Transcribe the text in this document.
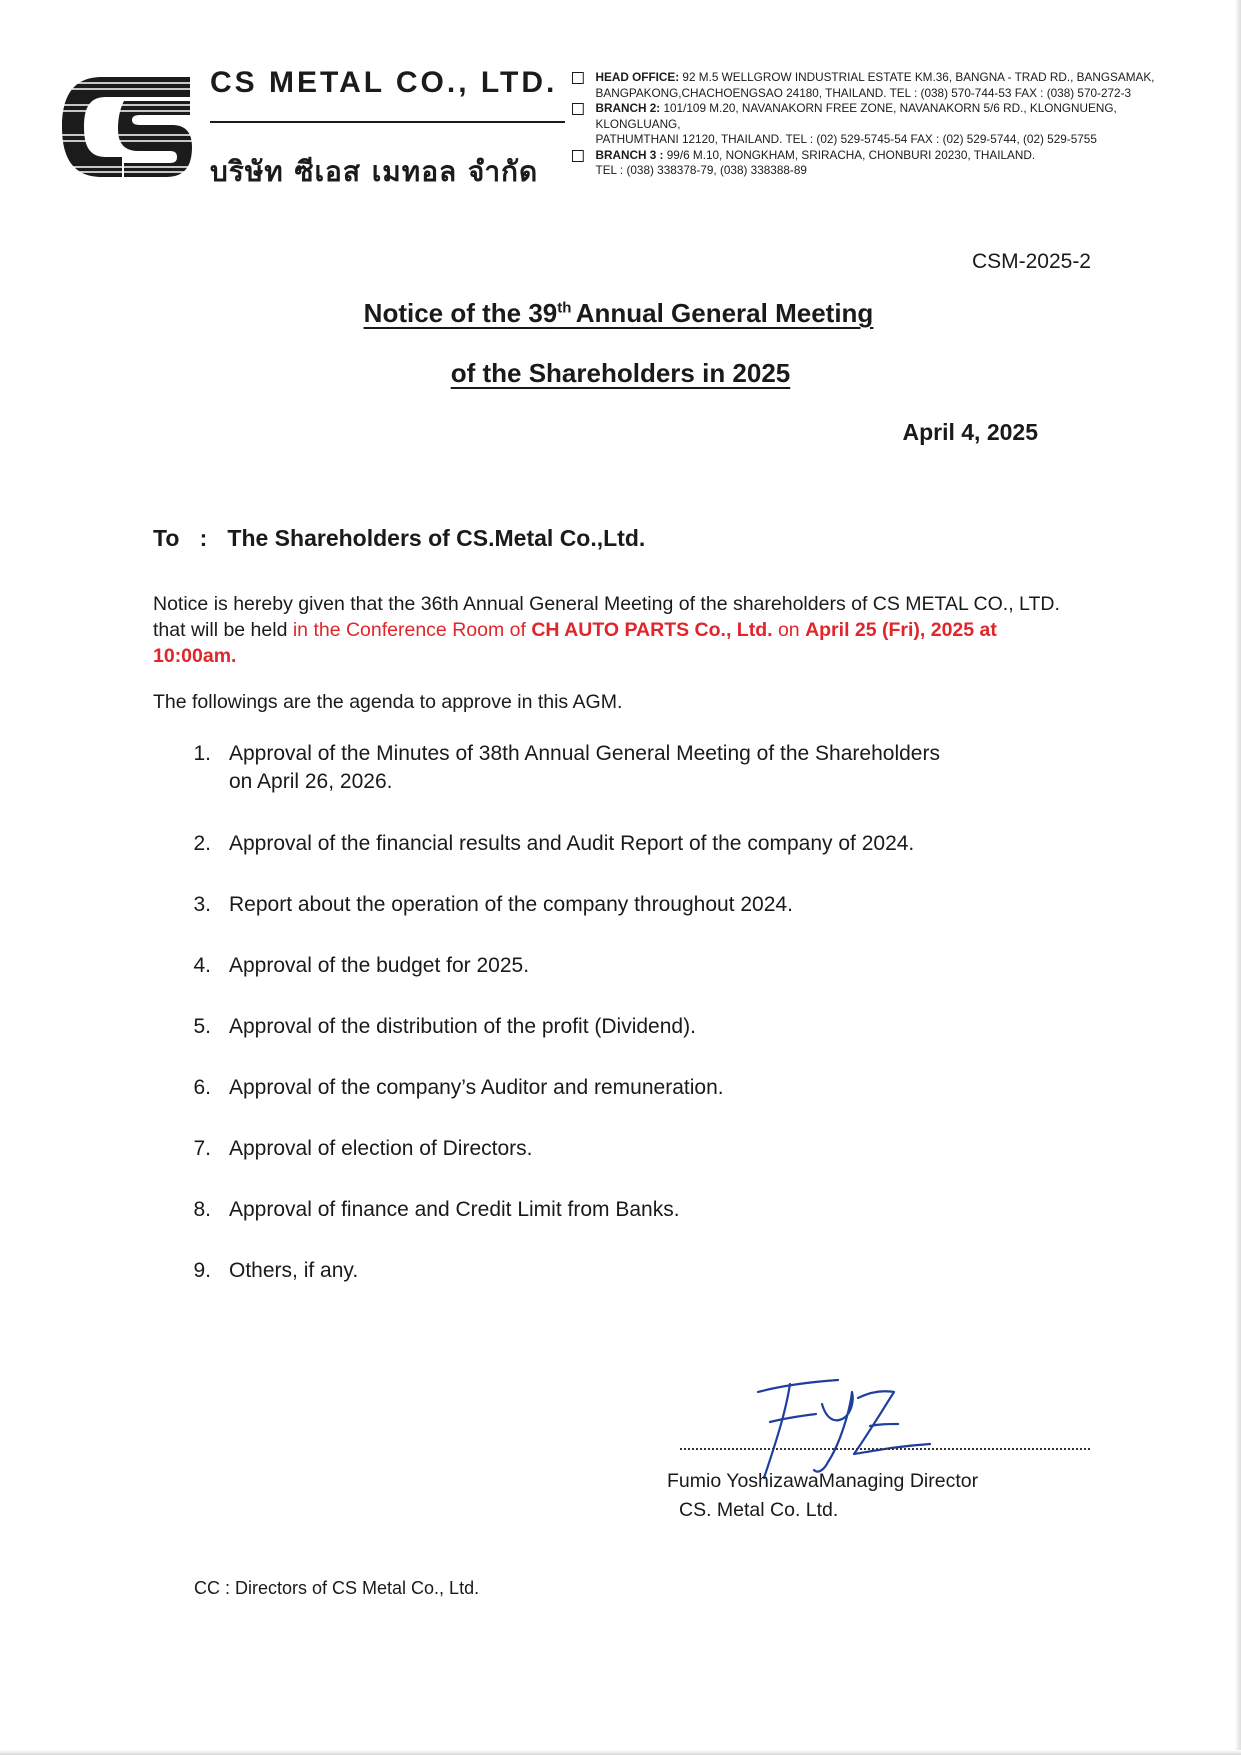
CS METAL CO., LTD.
บริษัท ซีเอส เมทอล จำกัด
HEAD OFFICE: 92 M.5 WELLGROW INDUSTRIAL ESTATE KM.36, BANGNA - TRAD RD., BANGSAMAK,
BANGPAKONG,CHACHOENGSAO 24180, THAILAND. TEL : (038) 570-744-53 FAX : (038) 570-272-3
BRANCH 2: 101/109 M.20, NAVANAKORN FREE ZONE, NAVANAKORN 5/6 RD., KLONGNUENG, KLONGLUANG,
PATHUMTHANI 12120, THAILAND. TEL : (02) 529-5745-54 FAX : (02) 529-5744, (02) 529-5755
BRANCH 3 : 99/6 M.10, NONGKHAM, SRIRACHA, CHONBURI 20230, THAILAND.
TEL : (038) 338378-79, (038) 338388-89
CSM-2025-2
Notice of the 39th Annual General Meeting
of the Shareholders in 2025
April 4, 2025
To : The Shareholders of CS.Metal Co.,Ltd.
Notice is hereby given that the 36th Annual General Meeting of the shareholders of CS METAL CO., LTD. that will be held in the Conference Room of CH AUTO PARTS Co., Ltd. on April 25 (Fri), 2025 at 10:00am.
The followings are the agenda to approve in this AGM.
1. Approval of the Minutes of 38th Annual General Meeting of the Shareholders
on April 26, 2026.
2. Approval of the financial results and Audit Report of the company of 2024.
3. Report about the operation of the company throughout 2024.
4. Approval of the budget for 2025.
5. Approval of the distribution of the profit (Dividend).
6. Approval of the company’s Auditor and remuneration.
7. Approval of election of Directors.
8. Approval of finance and Credit Limit from Banks.
9. Others, if any.
Fumio YoshizawaManaging Director
CS. Metal Co. Ltd.
CC : Directors of CS Metal Co., Ltd.
